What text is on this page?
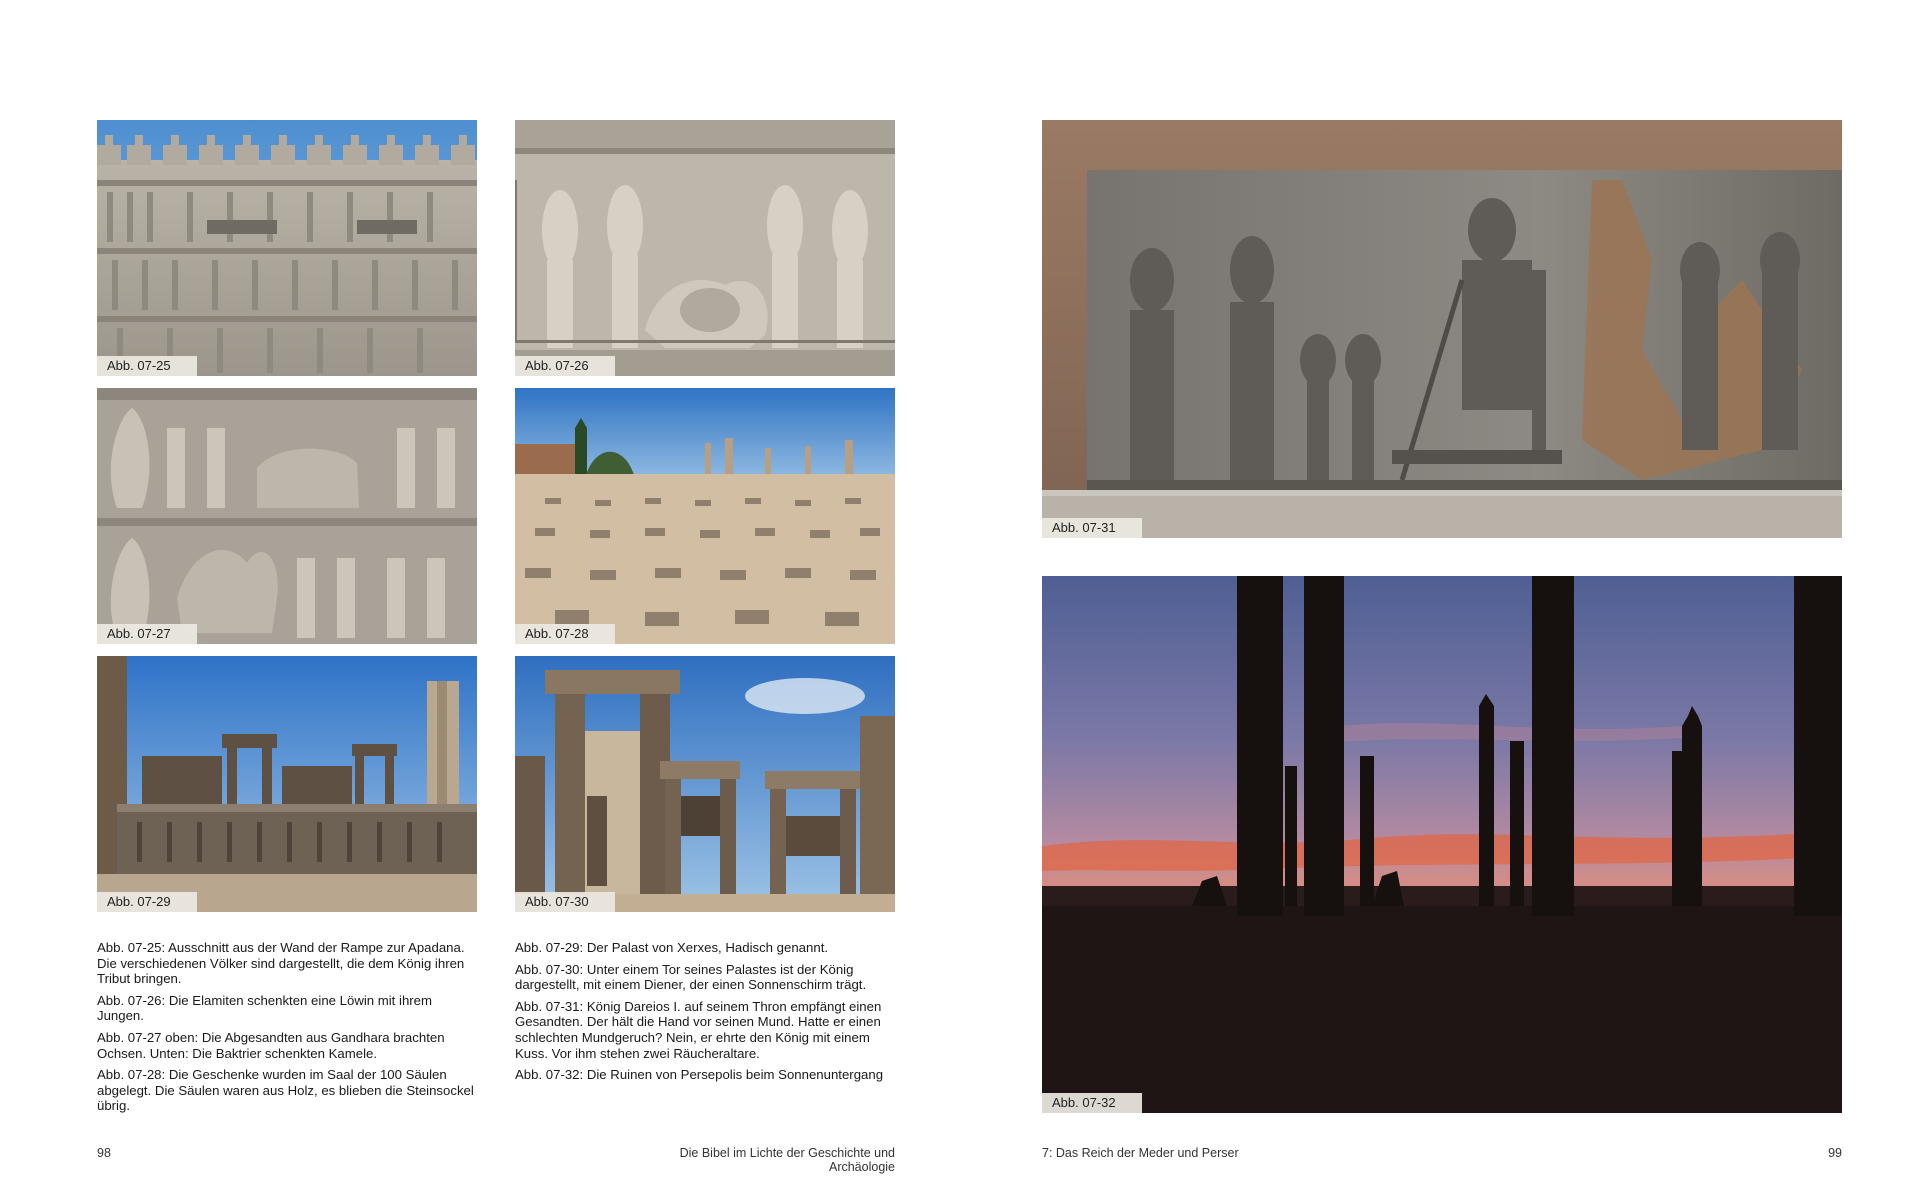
Abb. 07-25	Abb. 07-26
Abb. 07-27	Abb. 07-28
Abb. 07-29	Abb. 07-30

Abb. 07-25: Ausschnitt aus der Wand der Rampe zur Apadana. Die verschiedenen Völker sind dargestellt, die dem König ihren Tribut bringen.

Abb. 07-26: Die Elamiten schenkten eine Löwin mit ihrem Jungen.

Abb. 07-27 oben: Die Abgesandten aus Gandhara brachten Ochsen. Unten: Die Baktrier schenkten Kamele.

Abb. 07-28: Die Geschenke wurden im Saal der 100 Säulen abgelegt. Die Säulen waren aus Holz, es blieben die Steinsockel übrig.

Abb. 07-29: Der Palast von Xerxes, Hadisch genannt.

Abb. 07-30: Unter einem Tor seines Palastes ist der König dargestellt, mit einem Diener, der einen Sonnenschirm trägt.

Abb. 07-31: König Dareios I. auf seinem Thron empfängt einen Gesandten. Der hält die Hand vor seinen Mund. Hatte er einen schlechten Mundgeruch? Nein, er ehrte den König mit einem Kuss. Vor ihm stehen zwei Räucheraltare.

Abb. 07-32: Die Ruinen von Persepolis beim Sonnenuntergang

98	Die Bibel im Lichte der Geschichte und Archäologie
Abb. 07-31
Abb. 07-32
7: Das Reich der Meder und Perser	99
